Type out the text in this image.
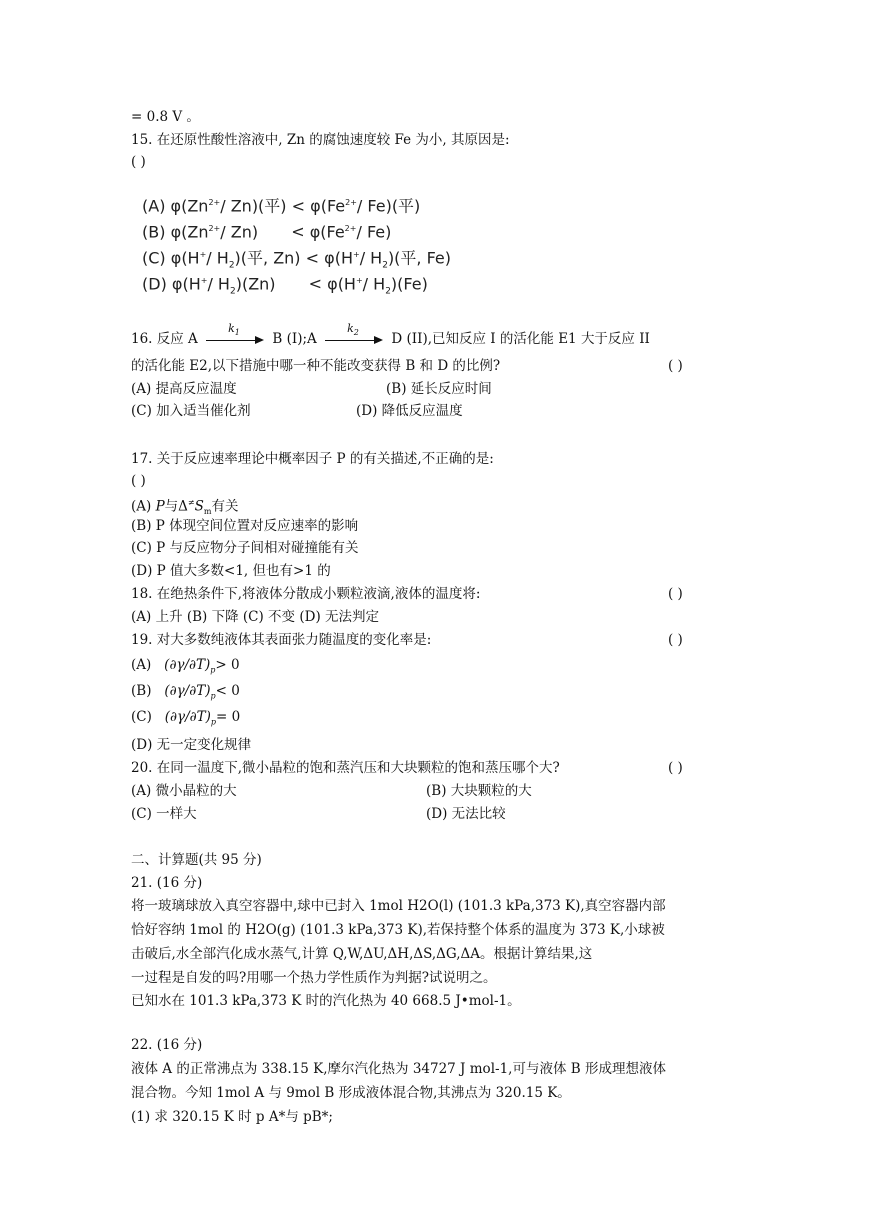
= 0.8 V 。
15. 在还原性酸性溶液中, Zn 的腐蚀速度较 Fe 为小, 其原因是:
( )
(A) $\varphi(Zn^{2+}/$ Zn)(平) < $\varphi(Fe^{2+}/$ Fe)(平)
(B) $\varphi(Zn^{2+}/$ $Zn) < \varphi(Fe^{2+}/$ Fe)
(C) φ(H+/ $H_2$)(平, Zn) < φ(H+/ $H_2$)(平, Fe)
(D) φ(H+/ $H_2)(Zn) < \varphi(H^+/$ $H_2)(Fe)$
16. 反应 A
$k_1$ B (I);A
$k_2$ D (II),已知反应 I 的活化能 E1 大于反应 II
的活化能 E2,以下措施中哪一种不能改变获得 B 和 D 的比例?	( )
(A) 提高反应温度	(B) 延长反应时间
(C) 加入适当催化剂	(D) 降低反应温度
17. 关于反应速率理论中概率因子 P 的有关描述,不正确的是:
( )
(A) P与$\Delta^\ne S_m$有关
(B) P 体现空间位置对反应速率的影响
(C) P 与反应物分子间相对碰撞能有关
(D) P 值大多数<1, 但也有>1 的
18. 在绝热条件下,将液体分散成小颗粒液滴,液体的温度将:	( )
(A) 上升 (B) 下降 (C) 不变 (D) 无法判定
19. 对大多数纯液体其表面张力随温度的变化率是:	( )
(A) $(\partial\gamma/\partial T)_p> 0$
(B) $(\partial\gamma/\partial T)_p< 0$
(C) $(\partial\gamma/\partial T)_p= 0$
(D) 无一定变化规律
20. 在同一温度下,微小晶粒的饱和蒸汽压和大块颗粒的饱和蒸压哪个大?	( )
(A) 微小晶粒的大	(B) 大块颗粒的大
(C) 一样大	(D) 无法比较
二、计算题(共 95 分)
21. (16 分)
将一玻璃球放入真空容器中,球中已封入 1mol H2O(l) (101.3 kPa,373 K),真空容器内部
恰好容纳 1mol 的 H2O(g) (101.3 kPa,373 K),若保持整个体系的温度为 373 K,小球被
击破后,水全部汽化成水蒸气,计算 Q,W,ΔU,ΔH,ΔS,ΔG,ΔA。根据计算结果,这
一过程是自发的吗?用哪一个热力学性质作为判据?试说明之。
已知水在 101.3 kPa,373 K 时的汽化热为 40 668.5 J•mol-1。
22. (16 分)
液体 A 的正常沸点为 338.15 K,摩尔汽化热为 34727 J mol-1,可与液体 B 形成理想液体
混合物。今知 1mol A 与 9mol B 形成液体混合物,其沸点为 320.15 K。
(1) 求 320.15 K 时 p A*与 pB*;
